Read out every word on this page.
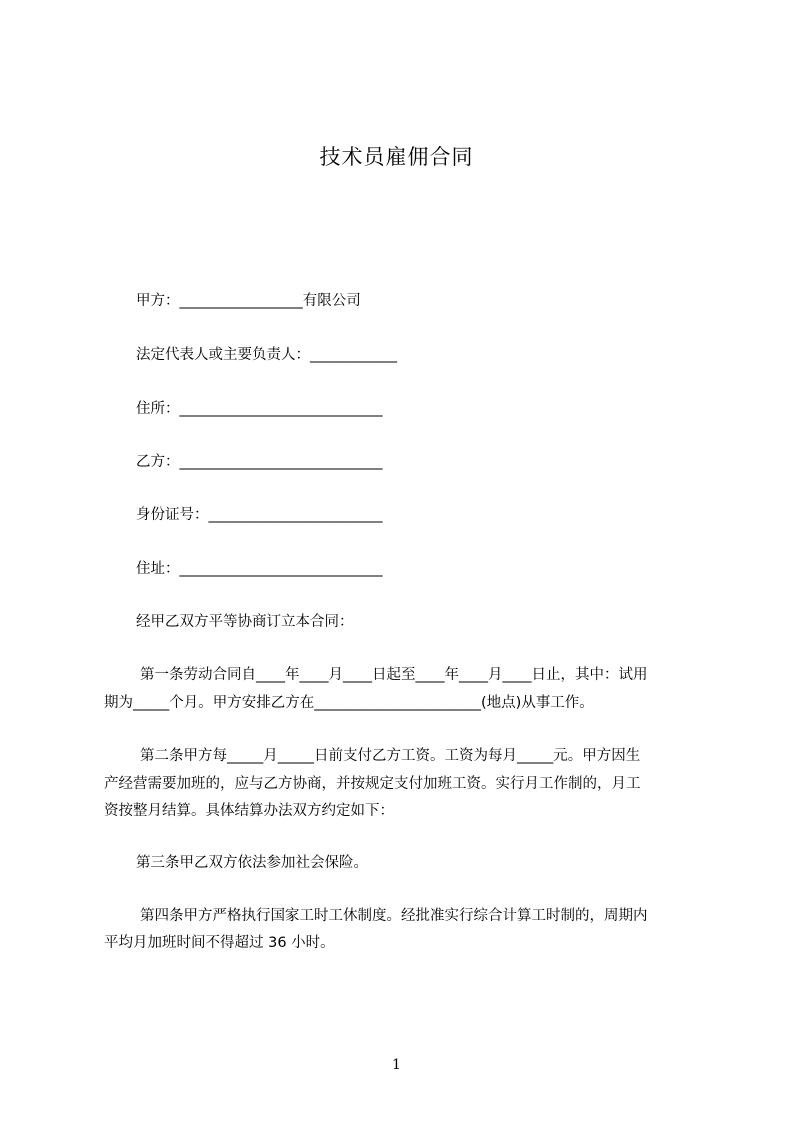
技术员雇佣合同
甲方：_________________有限公司
法定代表人或主要负责人：____________
住所：____________________________
乙方：____________________________
身份证号：________________________
住址：____________________________
经甲乙双方平等协商订立本合同：
第一条劳动合同自____年____月____日起至____年____月____日止，其中：试用
期为_____个月。甲方安排乙方在_______________________(地点)从事工作。
第二条甲方每_____月_____日前支付乙方工资。工资为每月_____元。甲方因生
产经营需要加班的，应与乙方协商，并按规定支付加班工资。实行月工作制的，月工
资按整月结算。具体结算办法双方约定如下：
第三条甲乙双方依法参加社会保险。
第四条甲方严格执行国家工时工休制度。经批准实行综合计算工时制的，周期内
平均月加班时间不得超过 36 小时。
1
